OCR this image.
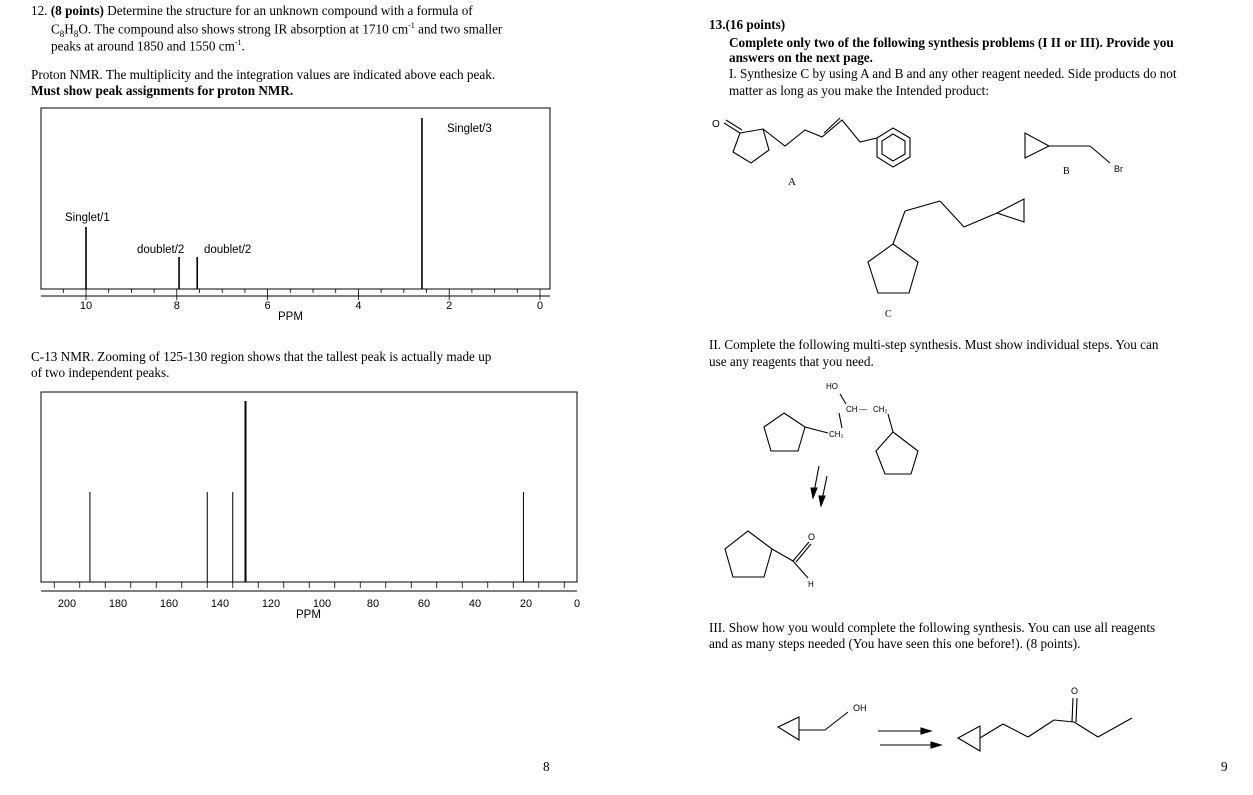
12. (8 points) Determine the structure for an unknown compound with a formula of
$C_8H_8O$. The compound also shows strong IR absorption at 1710 $cm^{-1}$ and two smaller
peaks at around 1850 and 1550 $cm^{-1}$.
Proton NMR. The multiplicity and the integration values are indicated above each peak.
Must show peak assignments for proton NMR.
C-13 NMR. Zooming of 125-130 region shows that the tallest peak is actually made up
of two independent peaks.
10	8	6	4	2	0
PPM
Singlet/1
doublet/2 doublet/2
Singlet/3
200	180	160	140	120	100	80	60	40	20	0
PPM
O
A
B	Br
C
HO
CH — CH₂
CH₂
O
H
OH
O
13.(16 points)
Complete only two of the following synthesis problems (I II or III). Provide you
answers on the next page.
I. Synthesize C by using A and B and any other reagent needed. Side products do not
matter as long as you make the Intended product:
II. Complete the following multi-step synthesis. Must show individual steps. You can
use any reagents that you need.
III. Show how you would complete the following synthesis. You can use all reagents
and as many steps needed (You have seen this one before!). (8 points).
8	9
